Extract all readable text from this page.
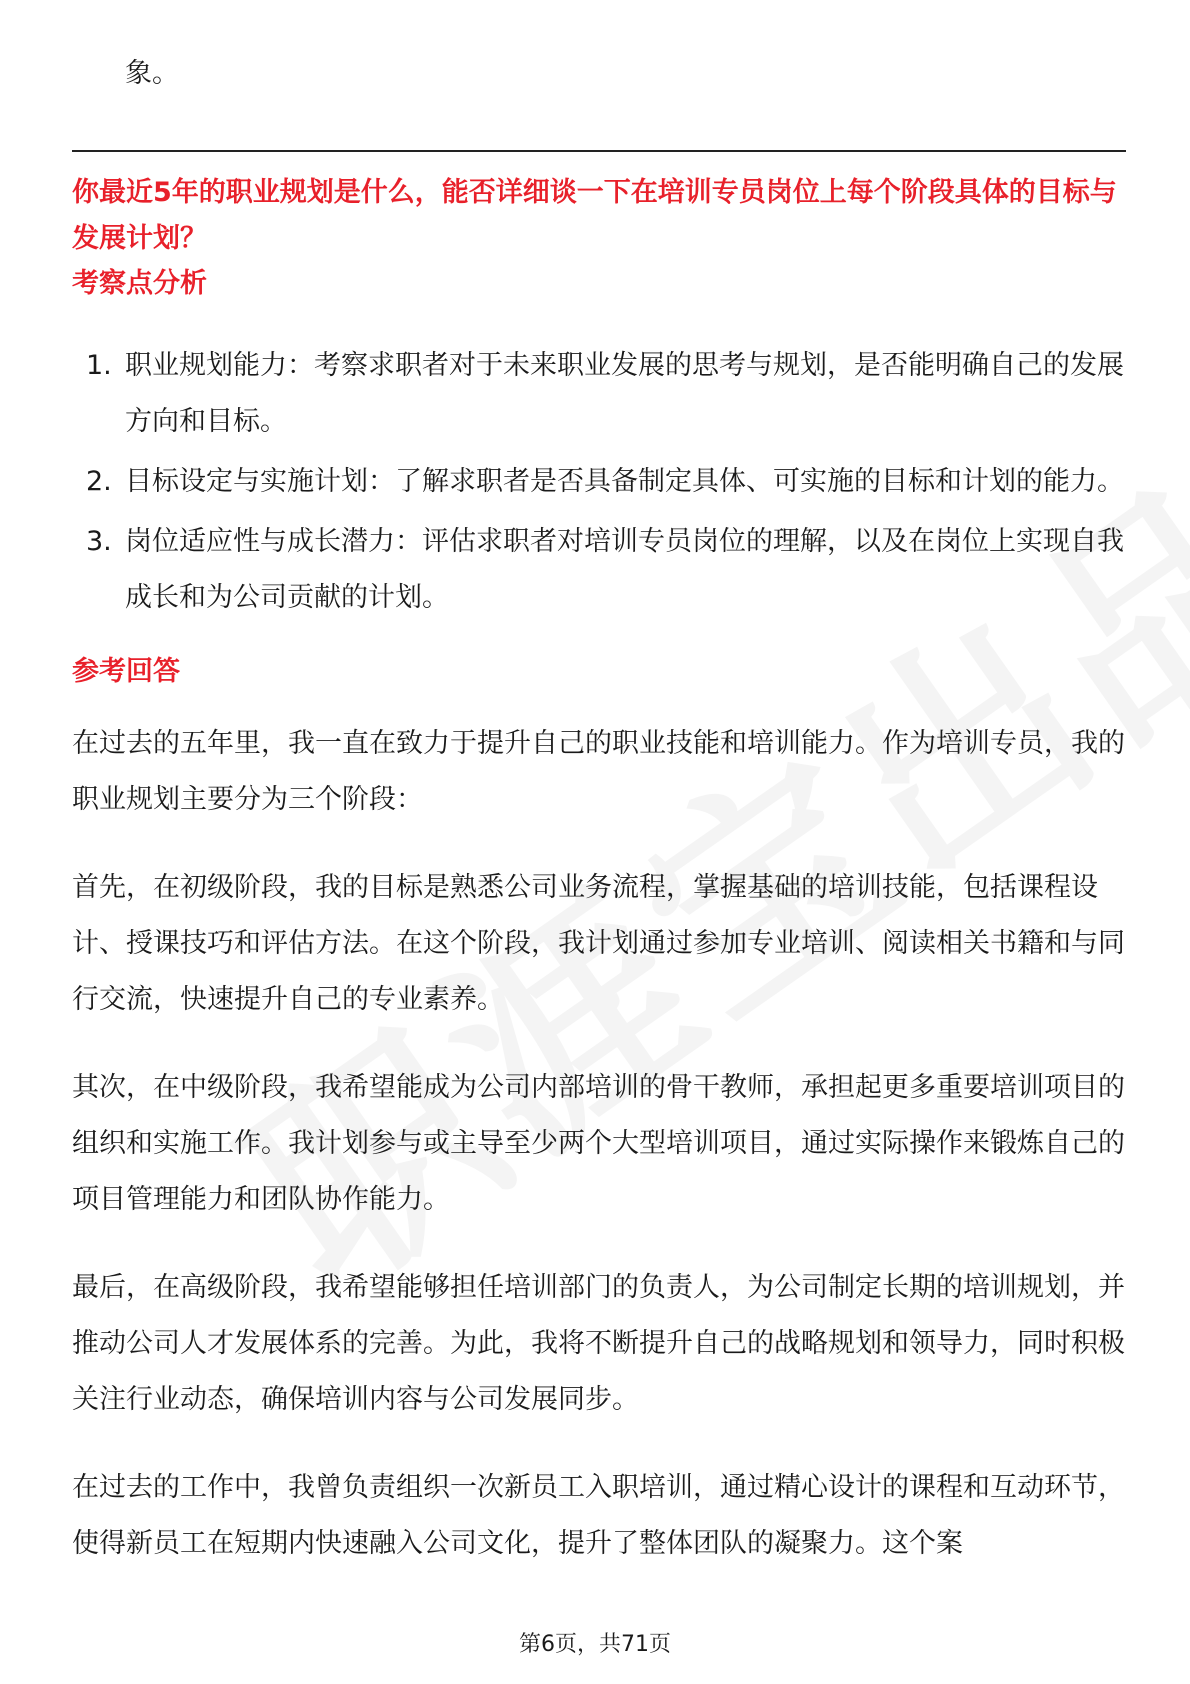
象。
你最近5年的职业规划是什么，能否详细谈一下在培训专员岗位上每个阶段具体的目标与发展计划？
考察点分析
1. 职业规划能力：考察求职者对于未来职业发展的思考与规划，是否能明确自己的发展方向和目标。
2. 目标设定与实施计划：了解求职者是否具备制定具体、可实施的目标和计划的能力。
3. 岗位适应性与成长潜力：评估求职者对培训专员岗位的理解，以及在岗位上实现自我成长和为公司贡献的计划。
参考回答

在过去的五年里，我一直在致力于提升自己的职业技能和培训能力。作为培训专员，我的职业规划主要分为三个阶段：

首先，在初级阶段，我的目标是熟悉公司业务流程，掌握基础的培训技能，包括课程设计、授课技巧和评估方法。在这个阶段，我计划通过参加专业培训、阅读相关书籍和与同行交流，快速提升自己的专业素养。

其次，在中级阶段，我希望能成为公司内部培训的骨干教师，承担起更多重要培训项目的组织和实施工作。我计划参与或主导至少两个大型培训项目，通过实际操作来锻炼自己的项目管理能力和团队协作能力。

最后，在高级阶段，我希望能够担任培训部门的负责人，为公司制定长期的培训规划，并推动公司人才发展体系的完善。为此，我将不断提升自己的战略规划和领导力，同时积极关注行业动态，确保培训内容与公司发展同步。

在过去的工作中，我曾负责组织一次新员工入职培训，通过精心设计的课程和互动环节，使得新员工在短期内快速融入公司文化，提升了整体团队的凝聚力。这个案

第6页，共71页
